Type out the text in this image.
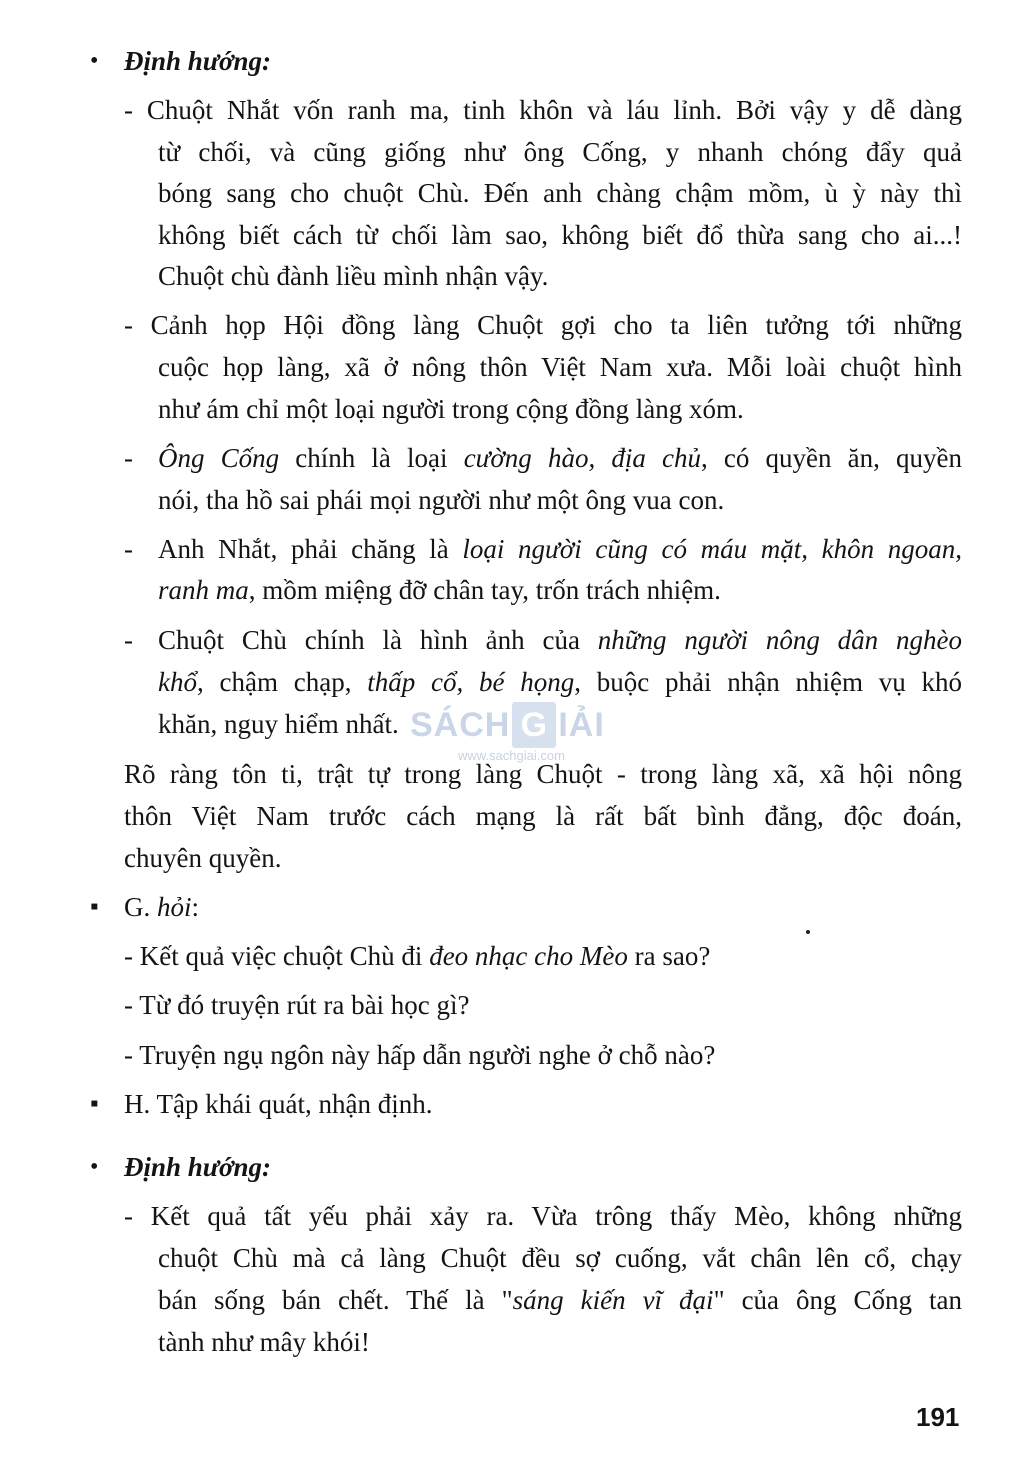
SÁCH G IẢI
www.sachgiai.com
• Định hướng:
- Chuột Nhắt vốn ranh ma, tinh khôn và láu lỉnh. Bởi vậy y dễ dàng
từ chối, và cũng giống như ông Cống, y nhanh chóng đẩy quả
bóng sang cho chuột Chù. Đến anh chàng chậm mồm, ù ỳ này thì
không biết cách từ chối làm sao, không biết đổ thừa sang cho ai...!
Chuột chù đành liều mình nhận vậy.
- Cảnh họp Hội đồng làng Chuột gợi cho ta liên tưởng tới những
cuộc họp làng, xã ở nông thôn Việt Nam xưa. Mỗi loài chuột hình
như ám chỉ một loại người trong cộng đồng làng xóm.
- Ông Cống chính là loại cường hào, địa chủ, có quyền ăn, quyền
nói, tha hồ sai phái mọi người như một ông vua con.
- Anh Nhắt, phải chăng là loại người cũng có máu mặt, khôn ngoan,
ranh ma, mồm miệng đỡ chân tay, trốn trách nhiệm.
- Chuột Chù chính là hình ảnh của những người nông dân nghèo
khổ, chậm chạp, thấp cổ, bé họng, buộc phải nhận nhiệm vụ khó
khăn, nguy hiểm nhất.
Rõ ràng tôn ti, trật tự trong làng Chuột - trong làng xã, xã hội nông
thôn Việt Nam trước cách mạng là rất bất bình đẳng, độc đoán,
chuyên quyền.
▪ G. hỏi:
- Kết quả việc chuột Chù đi đeo nhạc cho Mèo ra sao?
- Từ đó truyện rút ra bài học gì?
- Truyện ngụ ngôn này hấp dẫn người nghe ở chỗ nào?
▪ H. Tập khái quát, nhận định.
• Định hướng:
- Kết quả tất yếu phải xảy ra. Vừa trông thấy Mèo, không những
chuột Chù mà cả làng Chuột đều sợ cuống, vắt chân lên cổ, chạy
bán sống bán chết. Thế là "sáng kiến vĩ đại" của ông Cống tan
tành như mây khói!
191
